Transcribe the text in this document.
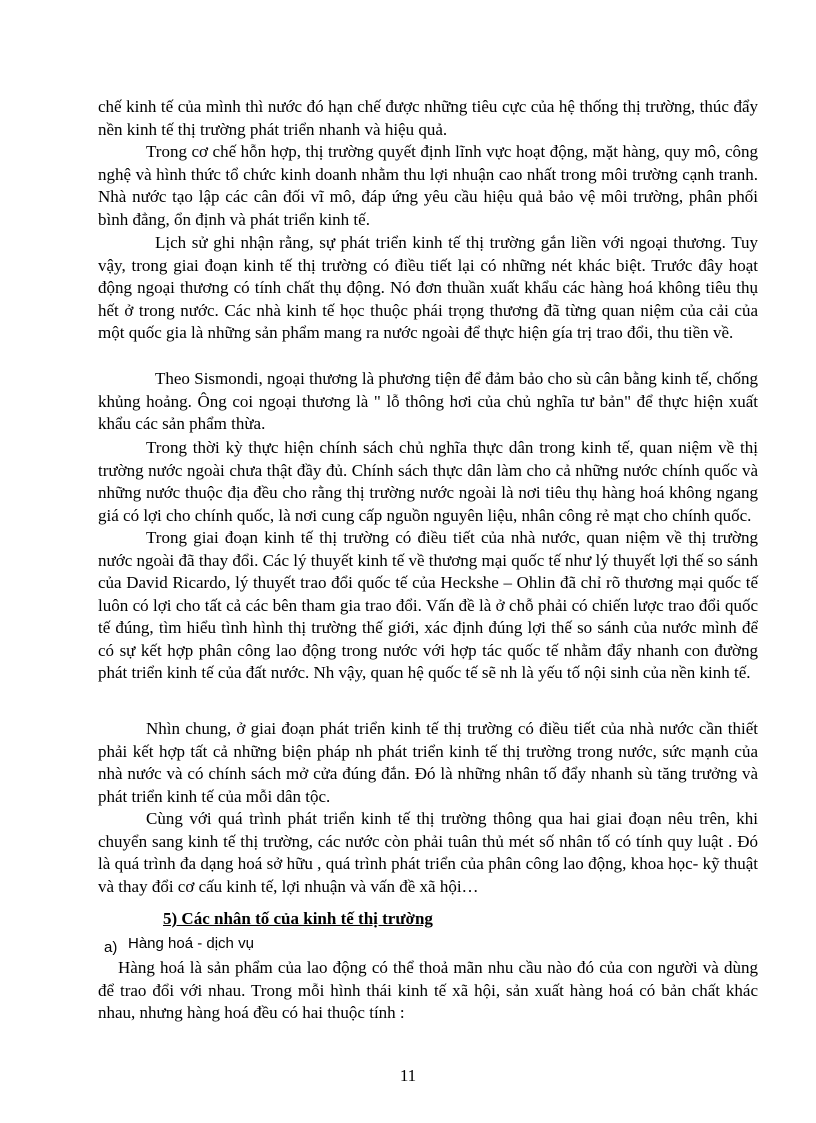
chế kinh tế của mình thì nước đó hạn chế được những tiêu cực của hệ thống thị trường, thúc đẩy nền kinh tế thị trường phát triển nhanh và hiệu quả.
Trong cơ chế hỗn hợp, thị trường quyết định lĩnh vực hoạt động, mặt hàng, quy mô, công nghệ và hình thức tổ chức kinh doanh nhằm thu lợi nhuận cao nhất trong môi trường cạnh tranh. Nhà nước tạo lập các cân đối vĩ mô, đáp ứng yêu cầu hiệu quả bảo vệ môi trường, phân phối bình đẳng, ổn định và phát triển kinh tế.
Lịch sử ghi nhận rằng, sự phát triển kinh tế thị trường gắn liền với ngoại thương. Tuy vậy, trong giai đoạn kinh tế thị trường có điều tiết lại có những nét khác biệt. Trước đây hoạt động ngoại thương có tính chất thụ động. Nó đơn thuần xuất khẩu các hàng hoá không tiêu thụ hết ở trong nước. Các nhà kinh tế học thuộc phái trọng thương đã từng quan niệm của cải của một quốc gia là những sản phẩm mang ra nước ngoài để thực hiện gía trị trao đổi, thu tiền về.
Theo Sismondi, ngoại thương là phương tiện để đảm bảo cho sù cân bằng kinh tế, chống khủng hoảng. Ông coi ngoại thương là " lỗ thông hơi của chủ nghĩa tư bản" để thực hiện xuất khẩu các sản phẩm thừa.
Trong thời kỳ thực hiện chính sách chủ nghĩa thực dân trong kinh tế, quan niệm về thị trường nước ngoài chưa thật đầy đủ. Chính sách thực dân làm cho cả những nước chính quốc và những nước thuộc địa đều cho rằng thị trường nước ngoài là nơi tiêu thụ hàng hoá không ngang giá có lợi cho chính quốc, là nơi cung cấp nguồn nguyên liệu, nhân công rẻ mạt cho chính quốc.
Trong giai đoạn kinh tế thị trường có điều tiết của nhà nước, quan niệm về thị trường nước ngoài đã thay đổi. Các lý thuyết kinh tế về thương mại quốc tế như lý thuyết lợi thế so sánh của David Ricardo, lý thuyết trao đổi quốc tế của Heckshe – Ohlin đã chỉ rõ thương mại quốc tế luôn có lợi cho tất cả các bên tham gia trao đổi. Vấn đề là ở chỗ phải có chiến lược trao đổi quốc tế đúng, tìm hiểu tình hình thị trường thế giới, xác định đúng lợi thế so sánh của nước mình để có sự kết hợp phân công lao động trong nước với hợp tác quốc tế nhằm đẩy nhanh con đường phát triển kinh tế của đất nước. Nh vậy, quan hệ quốc tế sẽ nh là yếu tố nội sinh của nền kinh tế.
Nhìn chung, ở giai đoạn phát triển kinh tế thị trường có điều tiết của nhà nước cần thiết phải kết hợp tất cả những biện pháp nh phát triển kinh tế thị trường trong nước, sức mạnh của nhà nước và có chính sách mở cửa đúng đắn. Đó là những nhân tố đẩy nhanh sù tăng trưởng và phát triển kinh tế của mỗi dân tộc.
Cùng với quá trình phát triển kinh tế thị trường thông qua hai giai đoạn nêu trên, khi chuyển sang kinh tế thị trường, các nước còn phải tuân thủ mét số nhân tố có tính quy luật . Đó là quá trình đa dạng hoá sở hữu , quá trình phát triển của phân công lao động, khoa học- kỹ thuật và thay đổi cơ cấu kinh tế, lợi nhuận và vấn đề xã hội…
5) Các nhân tố của kinh tế thị trường
a) Hàng hoá - dịch vụ
Hàng hoá là sản phẩm của lao động có thể thoả mãn nhu cầu nào đó của con người và dùng để trao đổi với nhau. Trong mỗi hình thái kinh tế xã hội, sản xuất hàng hoá có bản chất khác nhau, nhưng hàng hoá đều có hai thuộc tính :
11
